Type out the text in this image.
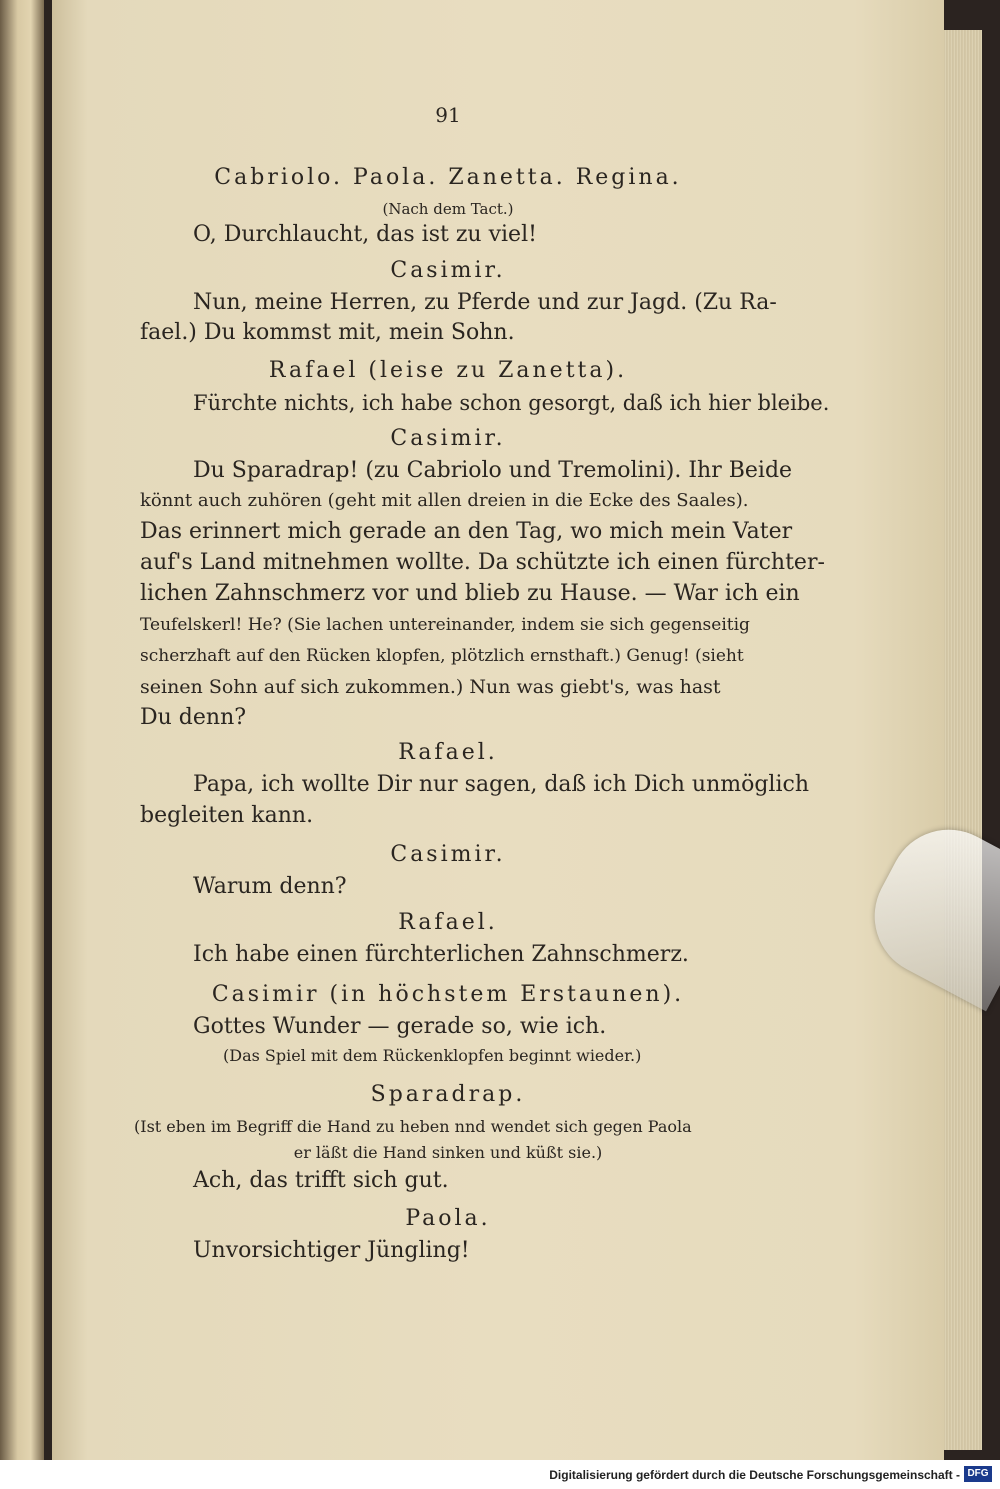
91
Cabriolo. Paola. Zanetta. Regina.
(Nach dem Tact.)
O, Durchlaucht, das ist zu viel!
Casimir.
Nun, meine Herren, zu Pferde und zur Jagd. (Zu Ra-
fael.) Du kommst mit, mein Sohn.
Rafael (leise zu Zanetta).
Fürchte nichts, ich habe schon gesorgt, daß ich hier bleibe.
Casimir.
Du Sparadrap! (zu Cabriolo und Tremolini). Ihr Beide
könnt auch zuhören (geht mit allen dreien in die Ecke des Saales).
Das erinnert mich gerade an den Tag, wo mich mein Vater
auf's Land mitnehmen wollte. Da schützte ich einen fürchter-
lichen Zahnschmerz vor und blieb zu Hause. — War ich ein
Teufelskerl! He? (Sie lachen untereinander, indem sie sich gegenseitig
scherzhaft auf den Rücken klopfen, plötzlich ernsthaft.) Genug! (sieht
seinen Sohn auf sich zukommen.) Nun was giebt's, was hast
Du denn?
Rafael.
Papa, ich wollte Dir nur sagen, daß ich Dich unmöglich
begleiten kann.
Casimir.
Warum denn?
Rafael.
Ich habe einen fürchterlichen Zahnschmerz.
Casimir (in höchstem Erstaunen).
Gottes Wunder — gerade so, wie ich.
(Das Spiel mit dem Rückenklopfen beginnt wieder.)
Sparadrap.
(Ist eben im Begriff die Hand zu heben nnd wendet sich gegen Paola
er läßt die Hand sinken und küßt sie.)
Ach, das trifft sich gut.
Paola.
Unvorsichtiger Jüngling!
Digitalisierung gefördert durch die Deutsche Forschungsgemeinschaft - DFG
